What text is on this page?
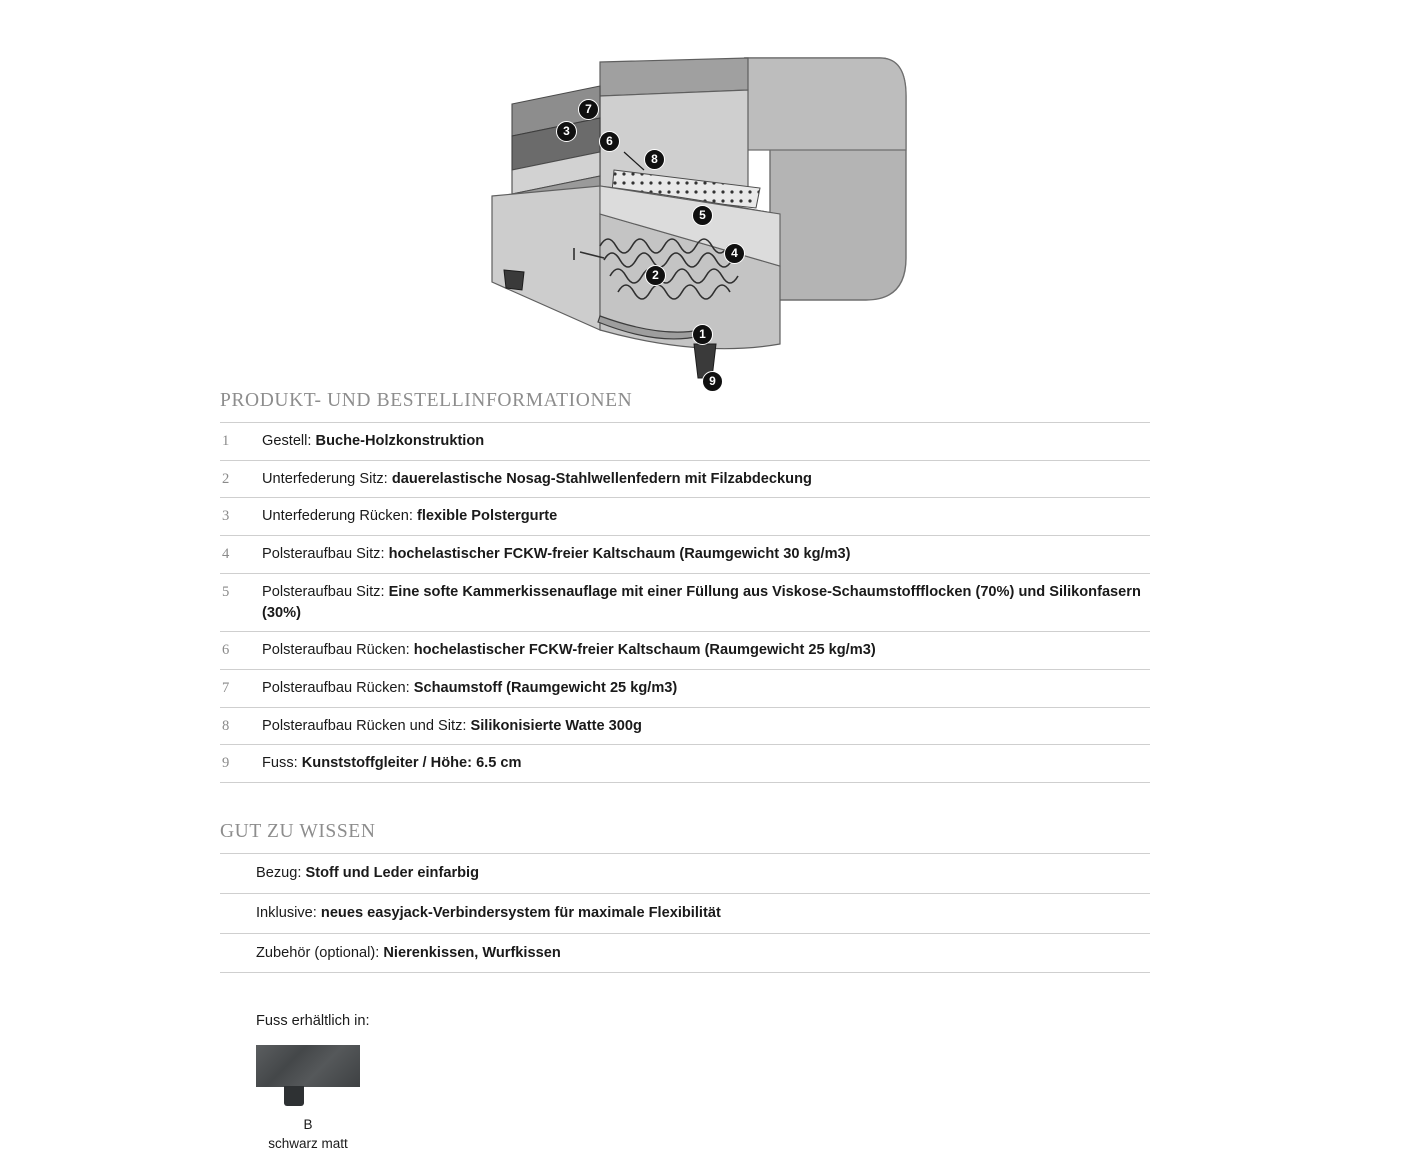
1
2
3
4
5
6
7
8
9
PRODUKT- UND BESTELLINFORMATIONEN
1	Gestell: Buche-Holzkonstruktion
2	Unterfederung Sitz: dauerelastische Nosag-Stahlwellenfedern mit Filzabdeckung
3	Unterfederung Rücken: flexible Polstergurte
4	Polsteraufbau Sitz: hochelastischer FCKW-freier Kaltschaum (Raumgewicht 30 kg/m3)
5	Polsteraufbau Sitz: Eine softe Kammerkissenauflage mit einer Füllung aus Viskose-Schaumstoffflocken (70%) und Silikonfasern (30%)
6	Polsteraufbau Rücken: hochelastischer FCKW-freier Kaltschaum (Raumgewicht 25 kg/m3)
7	Polsteraufbau Rücken: Schaumstoff (Raumgewicht 25 kg/m3)
8	Polsteraufbau Rücken und Sitz: Silikonisierte Watte 300g
9	Fuss: Kunststoffgleiter / Höhe: 6.5 cm
GUT ZU WISSEN
Bezug: Stoff und Leder einfarbig
Inklusive: neues easyjack-Verbindersystem für maximale Flexibilität
Zubehör (optional): Nierenkissen, Wurfkissen
Fuss erhältlich in:
B
schwarz matt
